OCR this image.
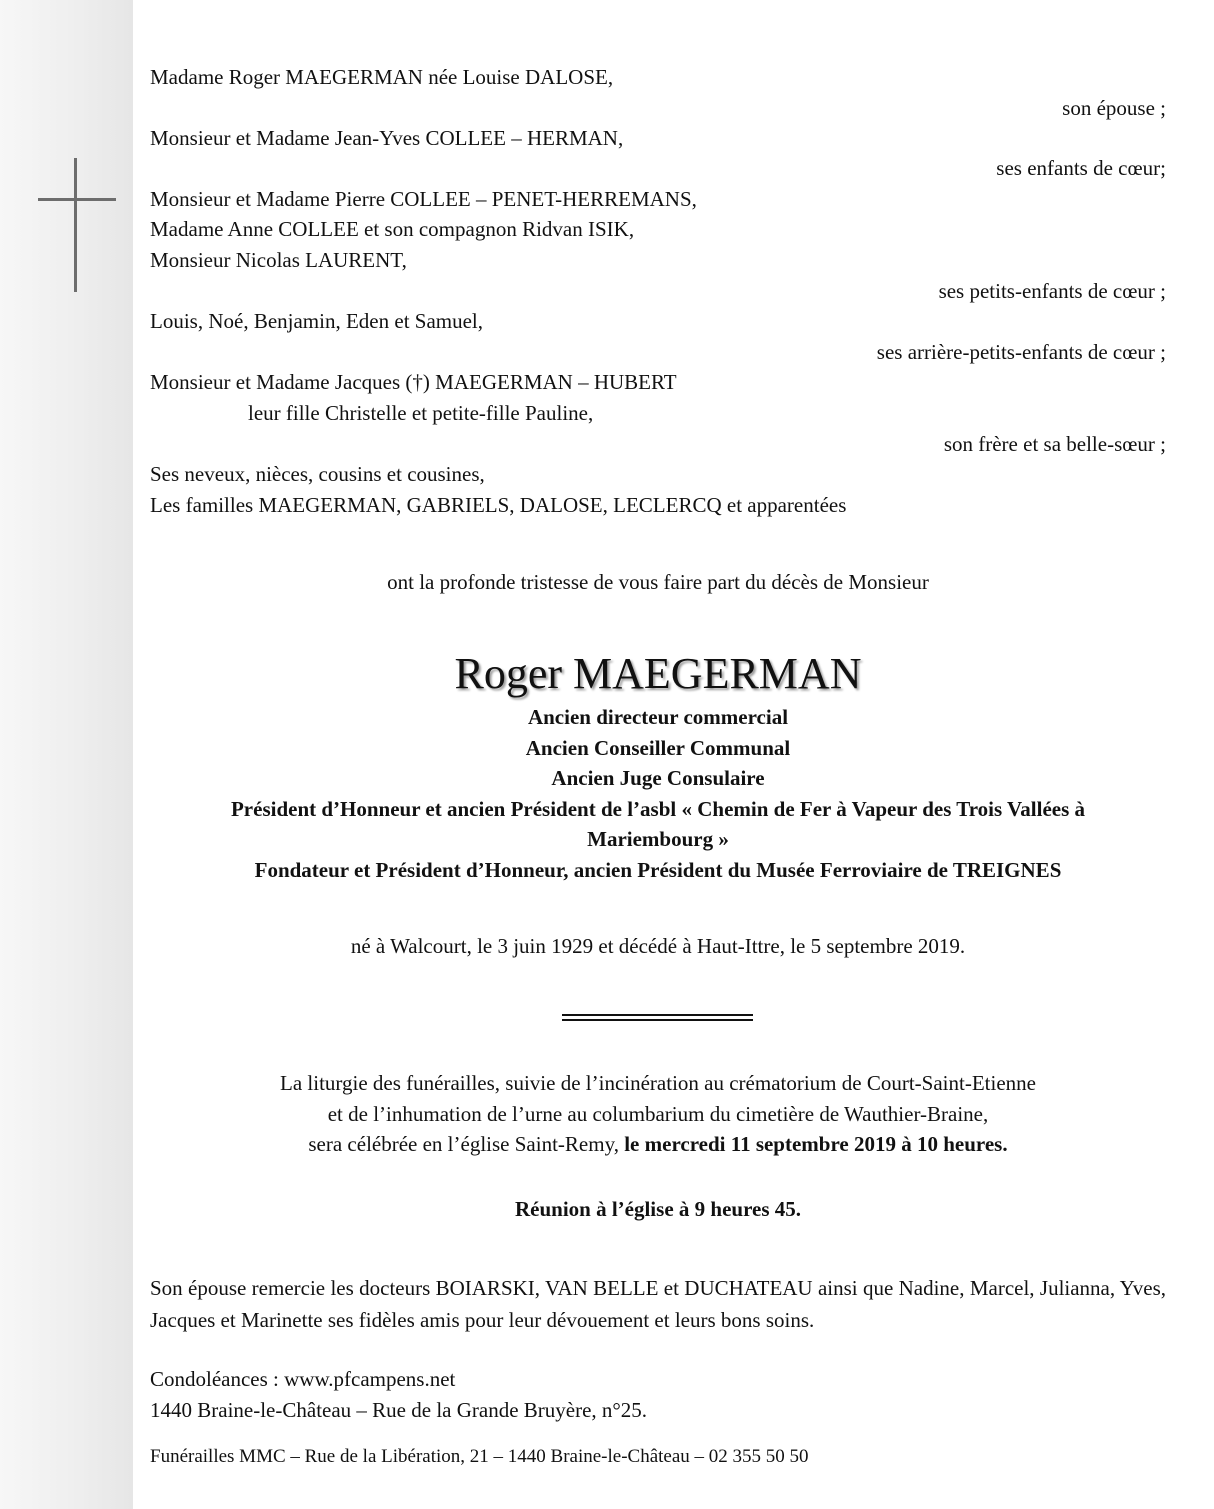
Madame Roger MAEGERMAN née Louise DALOSE,
son épouse ;
Monsieur et Madame Jean-Yves COLLEE – HERMAN,
ses enfants de cœur;
Monsieur et Madame Pierre COLLEE – PENET-HERREMANS,
Madame Anne COLLEE et son compagnon Ridvan ISIK,
Monsieur Nicolas LAURENT,
ses petits-enfants de cœur ;
Louis, Noé, Benjamin, Eden et Samuel,
ses arrière-petits-enfants de cœur ;
Monsieur et Madame Jacques (†) MAEGERMAN – HUBERT
leur fille Christelle et petite-fille Pauline,
son frère et sa belle-sœur ;
Ses neveux, nièces, cousins et cousines,
Les familles MAEGERMAN, GABRIELS, DALOSE, LECLERCQ et apparentées
ont la profonde tristesse de vous faire part du décès de Monsieur
Roger MAEGERMAN
Ancien directeur commercial
Ancien Conseiller Communal
Ancien Juge Consulaire
Président d’Honneur et ancien Président de l’asbl « Chemin de Fer à Vapeur des Trois Vallées à
Mariembourg »
Fondateur et Président d’Honneur, ancien Président du Musée Ferroviaire de TREIGNES
né à Walcourt, le 3 juin 1929 et décédé à Haut-Ittre, le 5 septembre 2019.
La liturgie des funérailles, suivie de l’incinération au crématorium de Court-Saint-Etienne
et de l’inhumation de l’urne au columbarium du cimetière de Wauthier-Braine,
sera célébrée en l’église Saint-Remy, le mercredi 11 septembre 2019 à 10 heures.
Réunion à l’église à 9 heures 45.
Son épouse remercie les docteurs BOIARSKI, VAN BELLE et DUCHATEAU ainsi que Nadine, Marcel, Julianna, Yves, Jacques et Marinette ses fidèles amis pour leur dévouement et leurs bons soins.
Condoléances : www.pfcampens.net
1440 Braine-le-Château – Rue de la Grande Bruyère, n°25.
Funérailles MMC – Rue de la Libération, 21 – 1440 Braine-le-Château – 02 355 50 50
